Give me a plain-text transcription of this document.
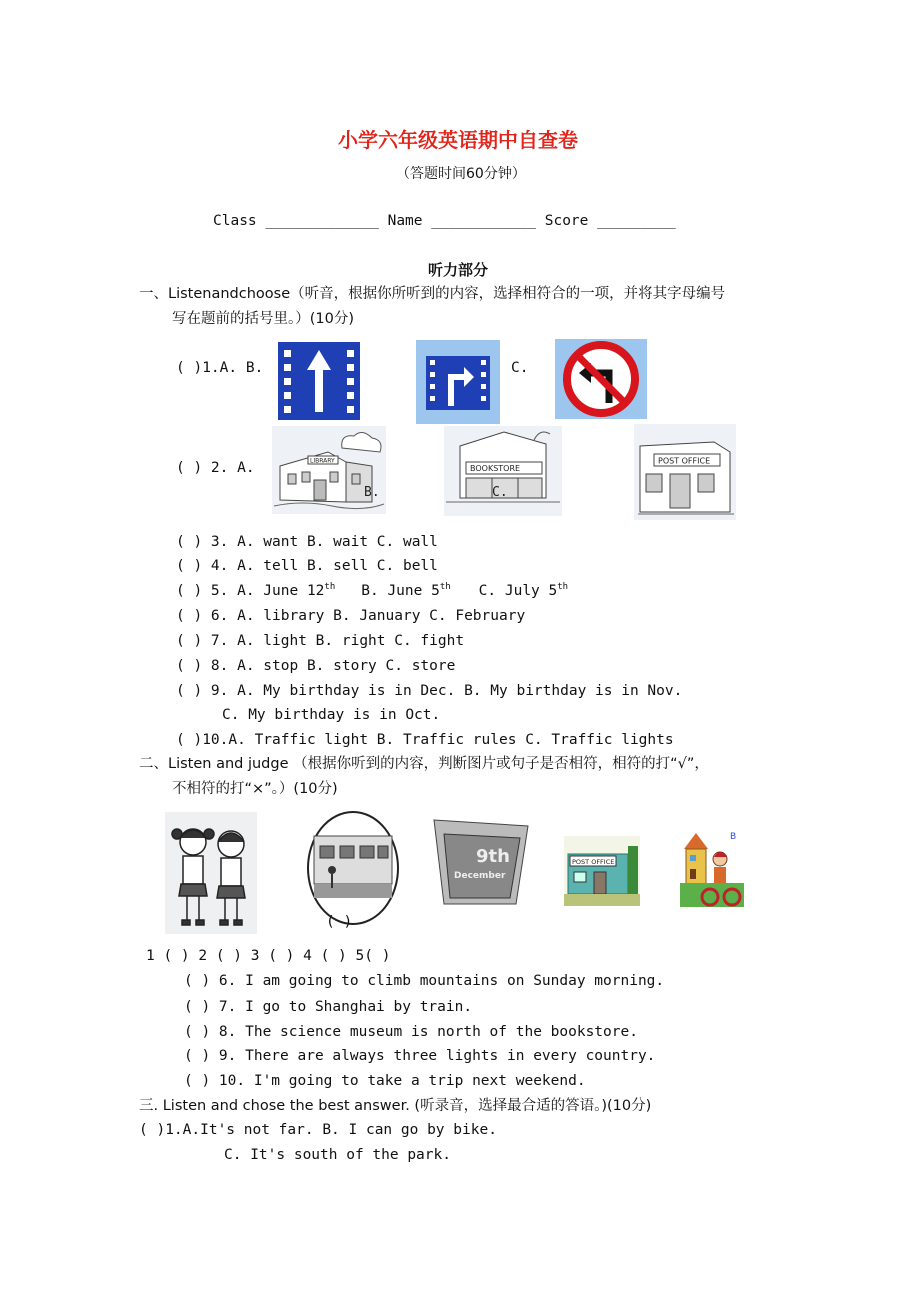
小学六年级英语期中自查卷
（答题时间60分钟）
Class _____________ Name ____________ Score _________
听力部分
一、Listenandchoose（听音，根据你所听到的内容，选择相符合的一项，并将其字母编号
写在题前的括号里。）(10分)
( )1.A. B.	C.
( ) 2. A.	LIBRARY
B.
BOOKSTORE
C.
POST OFFICE
( ) 3. A. want B. wait C. wall
( ) 4. A. tell B. sell C. bell
( ) 5. A. June 12th B. June 5th C. July 5th
( ) 6. A. library B. January C. February
( ) 7. A. light B. right C. fight
( ) 8. A. stop B. story C. store
( ) 9. A. My birthday is in Dec. B. My birthday is in Nov.
C. My birthday is in Oct.
( )10.A. Traffic light B. Traffic rules C. Traffic lights
二、Listen and judge （根据你听到的内容，判断图片或句子是否相符，相符的打“√”，
不相符的打“×”。）(10分)
( )
9th
December
POST OFFICE
B
1 ( ) 2 ( ) 3 ( ) 4 ( ) 5( )
( ) 6. I am going to climb mountains on Sunday morning.
( ) 7. I go to Shanghai by train.
( ) 8. The science museum is north of the bookstore.
( ) 9. There are always three lights in every country.
( ) 10. I'm going to take a trip next weekend.
三. Listen and chose the best answer. (听录音，选择最合适的答语。)(10分)
( )1.A.It's not far. B. I can go by bike.
C. It's south of the park.
